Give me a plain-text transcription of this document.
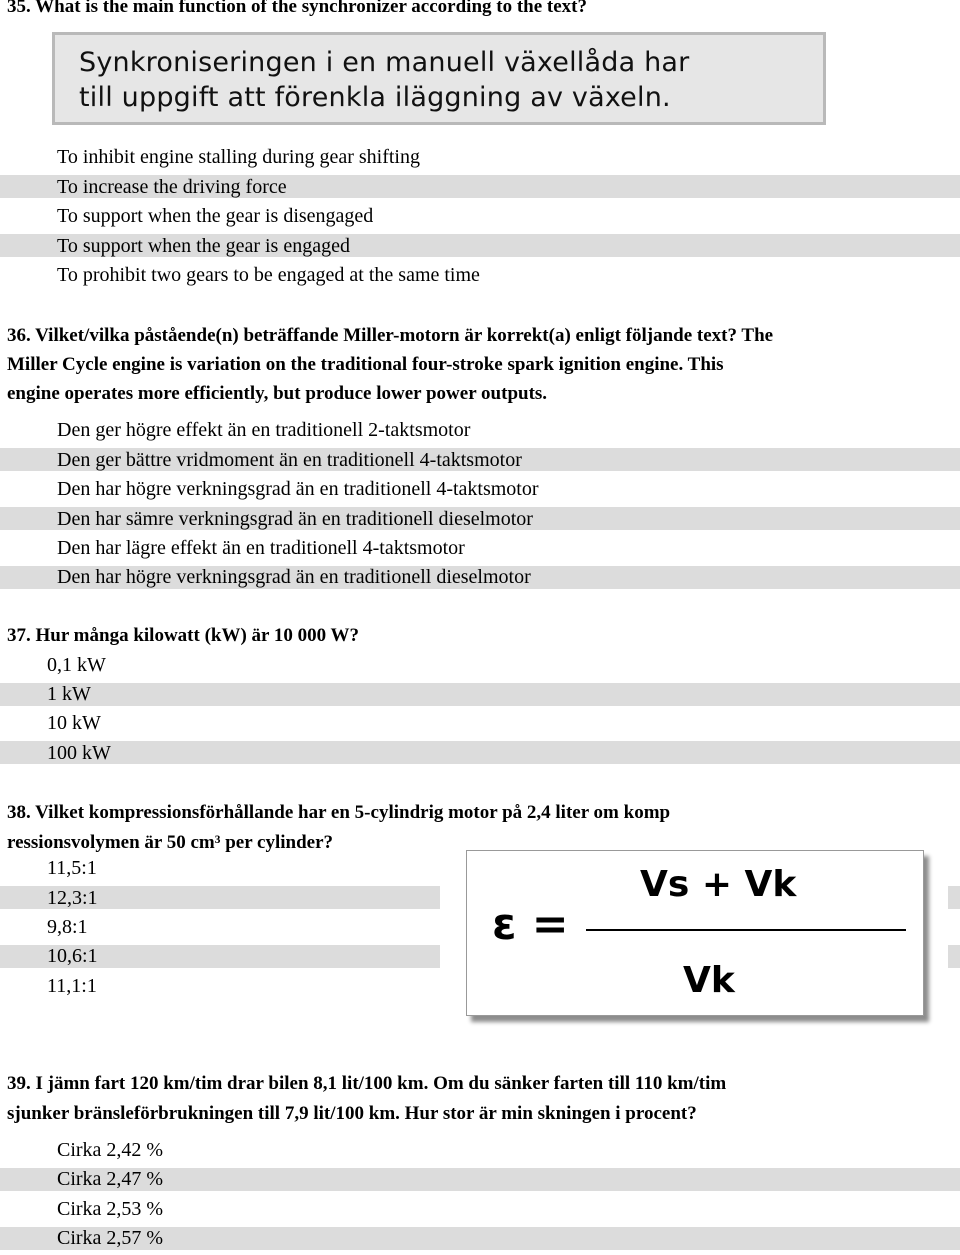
35. What is the main function of the synchronizer according to the text?
Synkroniseringen i en manuell växellåda har
till uppgift att förenkla iläggning av växeln.
To inhibit engine stalling during gear shifting
To increase the driving force
To support when the gear is disengaged
To support when the gear is engaged
To prohibit two gears to be engaged at the same time
36. Vilket/vilka påstående(n) beträffande Miller-motorn är korrekt(a) enligt följande text? The
Miller Cycle engine is variation on the traditional four-stroke spark ignition engine. This
engine operates more efficiently, but produce lower power outputs.
Den ger högre effekt än en traditionell 2-taktsmotor
Den ger bättre vridmoment än en traditionell 4-taktsmotor
Den har högre verkningsgrad än en traditionell 4-taktsmotor
Den har sämre verkningsgrad än en traditionell dieselmotor
Den har lägre effekt än en traditionell 4-taktsmotor
Den har högre verkningsgrad än en traditionell dieselmotor
37. Hur många kilowatt (kW) är 10 000 W?
0,1 kW
1 kW
10 kW
100 kW
38. Vilket kompressionsförhållande har en 5-cylindrig motor på 2,4 liter om komp
ressionsvolymen är 50 cm³ per cylinder?
11,5:1
12,3:1
9,8:1
10,6:1
11,1:1
ε =
Vs + Vk
Vk
39. I jämn fart 120 km/tim drar bilen 8,1 lit/100 km. Om du sänker farten till 110 km/tim
sjunker bränsleförbrukningen till 7,9 lit/100 km. Hur stor är min skningen i procent?
Cirka 2,42 %
Cirka 2,47 %
Cirka 2,53 %
Cirka 2,57 %
